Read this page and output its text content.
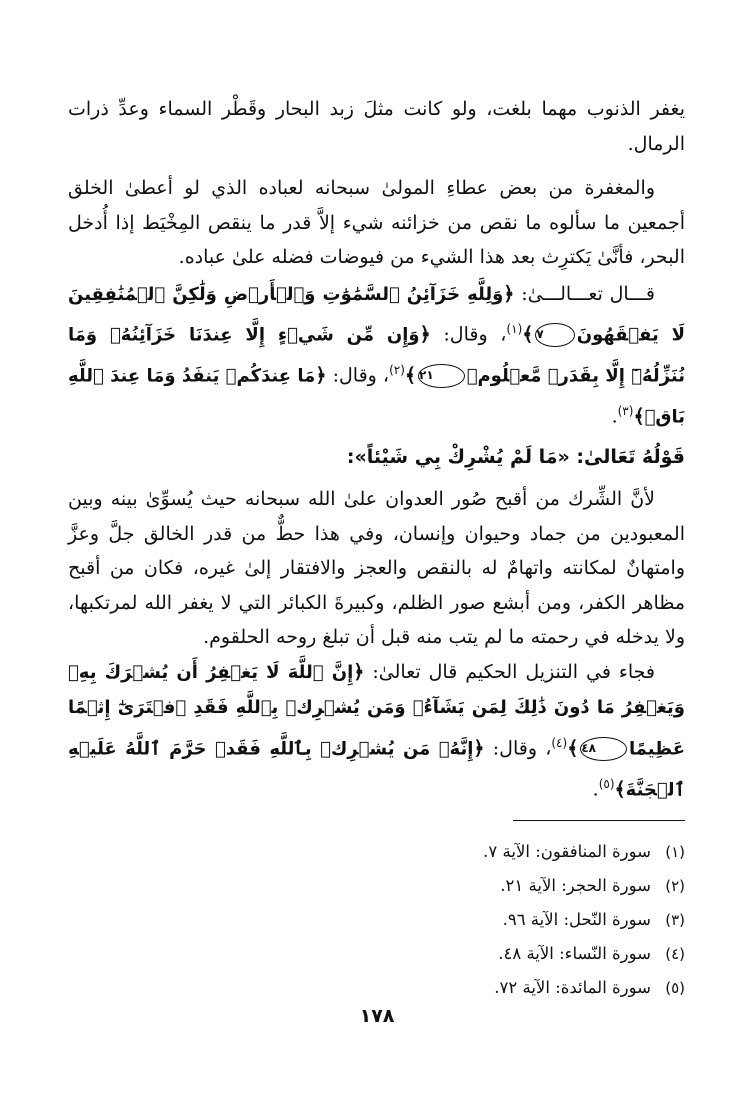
يغفر الذنوب مهما بلغت، ولو كانت مثلَ زبد البحار وقَطْر السماء وعدِّ ذرات الرمال.

والمغفرة من بعض عطاءِ المولىٰ سبحانه لعباده الذي لو أعطىٰ الخلق أجمعين ما سألوه ما نقص من خزائنه شيء إلاَّ قدر ما ينقص المِخْيَط إذا أُدخل البحر، فأنَّىٰ يَكترِث بعد هذا الشيء من فيوضات فضله علىٰ عباده.

قـــال تعـــالـــىٰ: ﴿وَلِلَّهِ خَزَآئِنُ ٱلسَّمَٰوَٰتِ وَٱلۡأَرۡضِ وَلَٰكِنَّ ٱلۡمُنَٰفِقِينَ لَا يَفۡقَهُونَ٧﴾$^{(١)}$، وقال: ﴿وَإِن مِّن شَيۡءٍ إِلَّا عِندَنَا خَزَآئِنُهُۥ وَمَا نُنَزِّلُهُۥٓ إِلَّا بِقَدَرٖ مَّعۡلُومٖ٢١﴾$^{(٢)}$، وقال: ﴿مَا عِندَكُمۡ يَنفَدُ وَمَا عِندَ ٱللَّهِ بَاقٖ﴾$^{(٣)}$.

قَوْلُهُ تَعَالىٰ: «مَا لَمْ يُشْرِكْ بِي شَيْئاً»:

لأنَّ الشِّرك من أقبح صُور العدوان علىٰ الله سبحانه حيث يُسوِّىٰ بينه وبين المعبودين من جماد وحيوان وإنسان، وفي هذا حطٌّ من قدر الخالق جلَّ وعزَّ وامتهانٌ لمكانته واتهامٌ له بالنقص والعجز والافتقار إلىٰ غيره، فكان من أقبح مظاهر الكفر، ومن أبشع صور الظلم، وكبيرةَ الكبائر التي لا يغفر الله لمرتكبها، ولا يدخله في رحمته ما لم يتب منه قبل أن تبلغ روحه الحلقوم.

فجاء في التنزيل الحكيم قال تعالىٰ: ﴿إِنَّ ٱللَّهَ لَا يَغۡفِرُ أَن يُشۡرَكَ بِهِۦ وَيَغۡفِرُ مَا دُونَ ذَٰلِكَ لِمَن يَشَآءُۚ وَمَن يُشۡرِكۡ بِٱللَّهِ فَقَدِ ٱفۡتَرَىٰٓ إِثۡمًا عَظِيمًا٤٨﴾$^{(٤)}$، وقال: ﴿إِنَّهُۥ مَن يُشۡرِكۡ بِٱللَّهِ فَقَدۡ حَرَّمَ ٱللَّهُ عَلَيۡهِ ٱلۡجَنَّةَ﴾$^{(٥)}$.

(١)سورة المنافقون: الآية ٧.
(٢)سورة الحجر: الآية ٢١.
(٣)سورة النّحل: الآية ٩٦.
(٤)سورة النّساء: الآية ٤٨.
(٥)سورة المائدة: الآية ٧٢.
١٧٨
